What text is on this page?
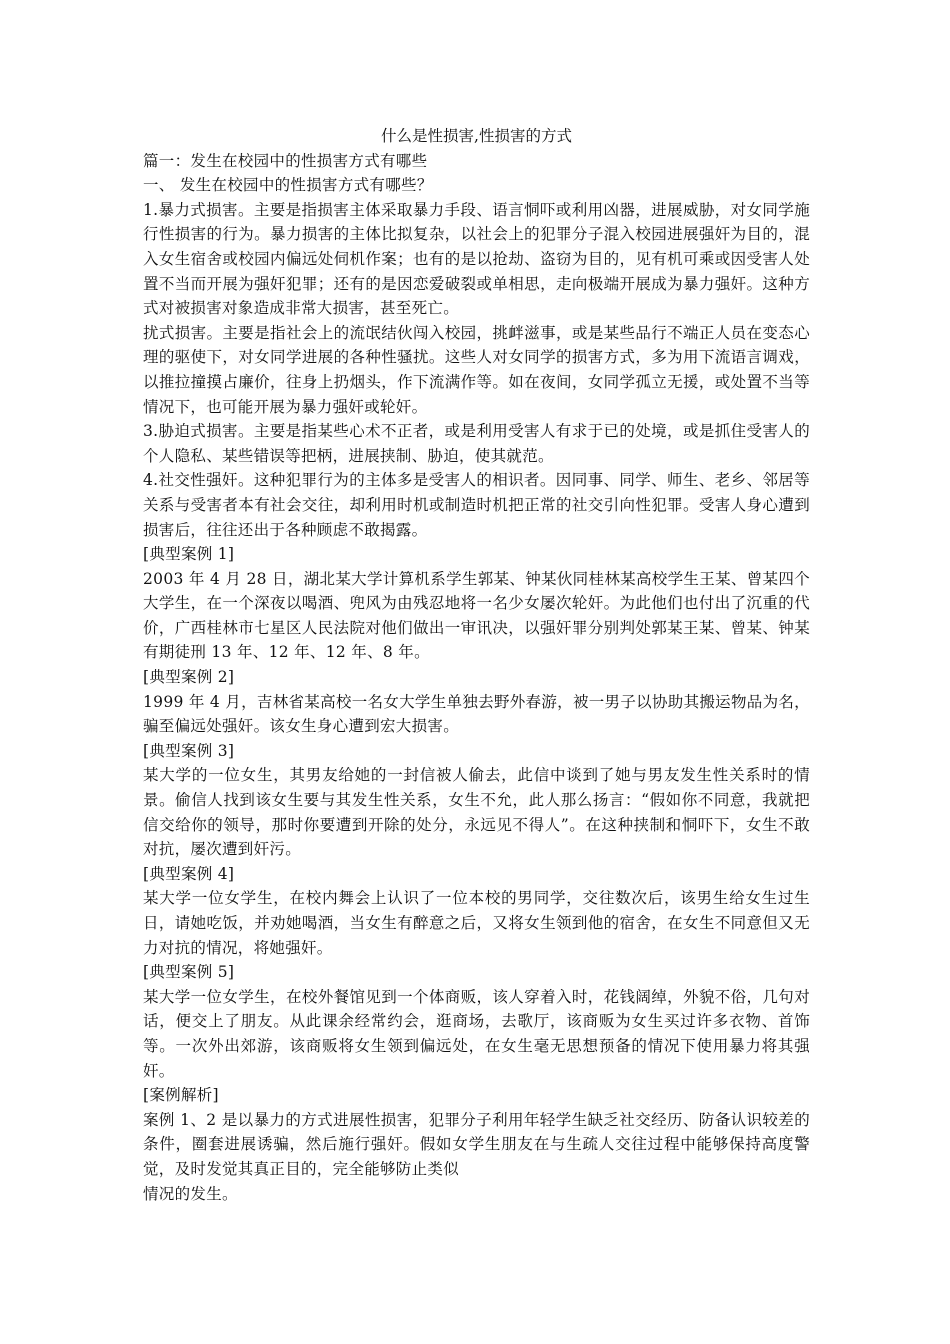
什么是性损害,性损害的方式

篇一：发生在校园中的性损害方式有哪些

一、 发生在校园中的性损害方式有哪些？

1.暴力式损害。主要是指损害主体采取暴力手段、语言恫吓或利用凶器，进展威胁，对女同学施行性损害的行为。暴力损害的主体比拟复杂，以社会上的犯罪分子混入校园进展强奸为目的，混入女生宿舍或校园内偏远处伺机作案；也有的是以抢劫、盗窃为目的，见有机可乘或因受害人处置不当而开展为强奸犯罪；还有的是因恋爱破裂或单相思，走向极端开展成为暴力强奸。这种方式对被损害对象造成非常大损害，甚至死亡。

扰式损害。主要是指社会上的流氓结伙闯入校园，挑衅滋事，或是某些品行不端正人员在变态心理的驱使下，对女同学进展的各种性骚扰。这些人对女同学的损害方式，多为用下流语言调戏，以推拉撞摸占廉价，往身上扔烟头，作下流满作等。如在夜间，女同学孤立无援，或处置不当等情况下，也可能开展为暴力强奸或轮奸。

3.胁迫式损害。主要是指某些心术不正者，或是利用受害人有求于已的处境，或是抓住受害人的个人隐私、某些错误等把柄，进展挟制、胁迫，使其就范。

4.社交性强奸。这种犯罪行为的主体多是受害人的相识者。因同事、同学、师生、老乡、邻居等关系与受害者本有社会交往，却利用时机或制造时机把正常的社交引向性犯罪。受害人身心遭到损害后，往往还出于各种顾虑不敢揭露。

[典型案例 1]

2003 年 4 月 28 日，湖北某大学计算机系学生郭某、钟某伙同桂林某高校学生王某、曾某四个大学生，在一个深夜以喝酒、兜风为由残忍地将一名少女屡次轮奸。为此他们也付出了沉重的代价，广西桂林市七星区人民法院对他们做出一审讯决，以强奸罪分别判处郭某王某、曾某、钟某有期徒刑 13 年、12 年、12 年、8 年。

[典型案例 2]

1999 年 4 月，吉林省某高校一名女大学生单独去野外春游，被一男子以协助其搬运物品为名，骗至偏远处强奸。该女生身心遭到宏大损害。

[典型案例 3]

某大学的一位女生，其男友给她的一封信被人偷去，此信中谈到了她与男友发生性关系时的情景。偷信人找到该女生要与其发生性关系，女生不允，此人那么扬言：“假如你不同意，我就把信交给你的领导，那时你要遭到开除的处分，永远见不得人”。在这种挟制和恫吓下，女生不敢对抗，屡次遭到奸污。

[典型案例 4]

某大学一位女学生，在校内舞会上认识了一位本校的男同学，交往数次后，该男生给女生过生日，请她吃饭，并劝她喝酒，当女生有醉意之后，又将女生领到他的宿舍，在女生不同意但又无力对抗的情况，将她强奸。

[典型案例 5]

某大学一位女学生，在校外餐馆见到一个体商贩，该人穿着入时，花钱阔绰，外貌不俗，几句对话，便交上了朋友。从此课余经常约会，逛商场，去歌厅，该商贩为女生买过许多衣物、首饰等。一次外出郊游，该商贩将女生领到偏远处，在女生毫无思想预备的情况下使用暴力将其强奸。

[案例解析]

案例 1、2 是以暴力的方式进展性损害，犯罪分子利用年轻学生缺乏社交经历、防备认识较差的条件，圈套进展诱骗，然后施行强奸。假如女学生朋友在与生疏人交往过程中能够保持高度警觉，及时发觉其真正目的，完全能够防止类似

情况的发生。
